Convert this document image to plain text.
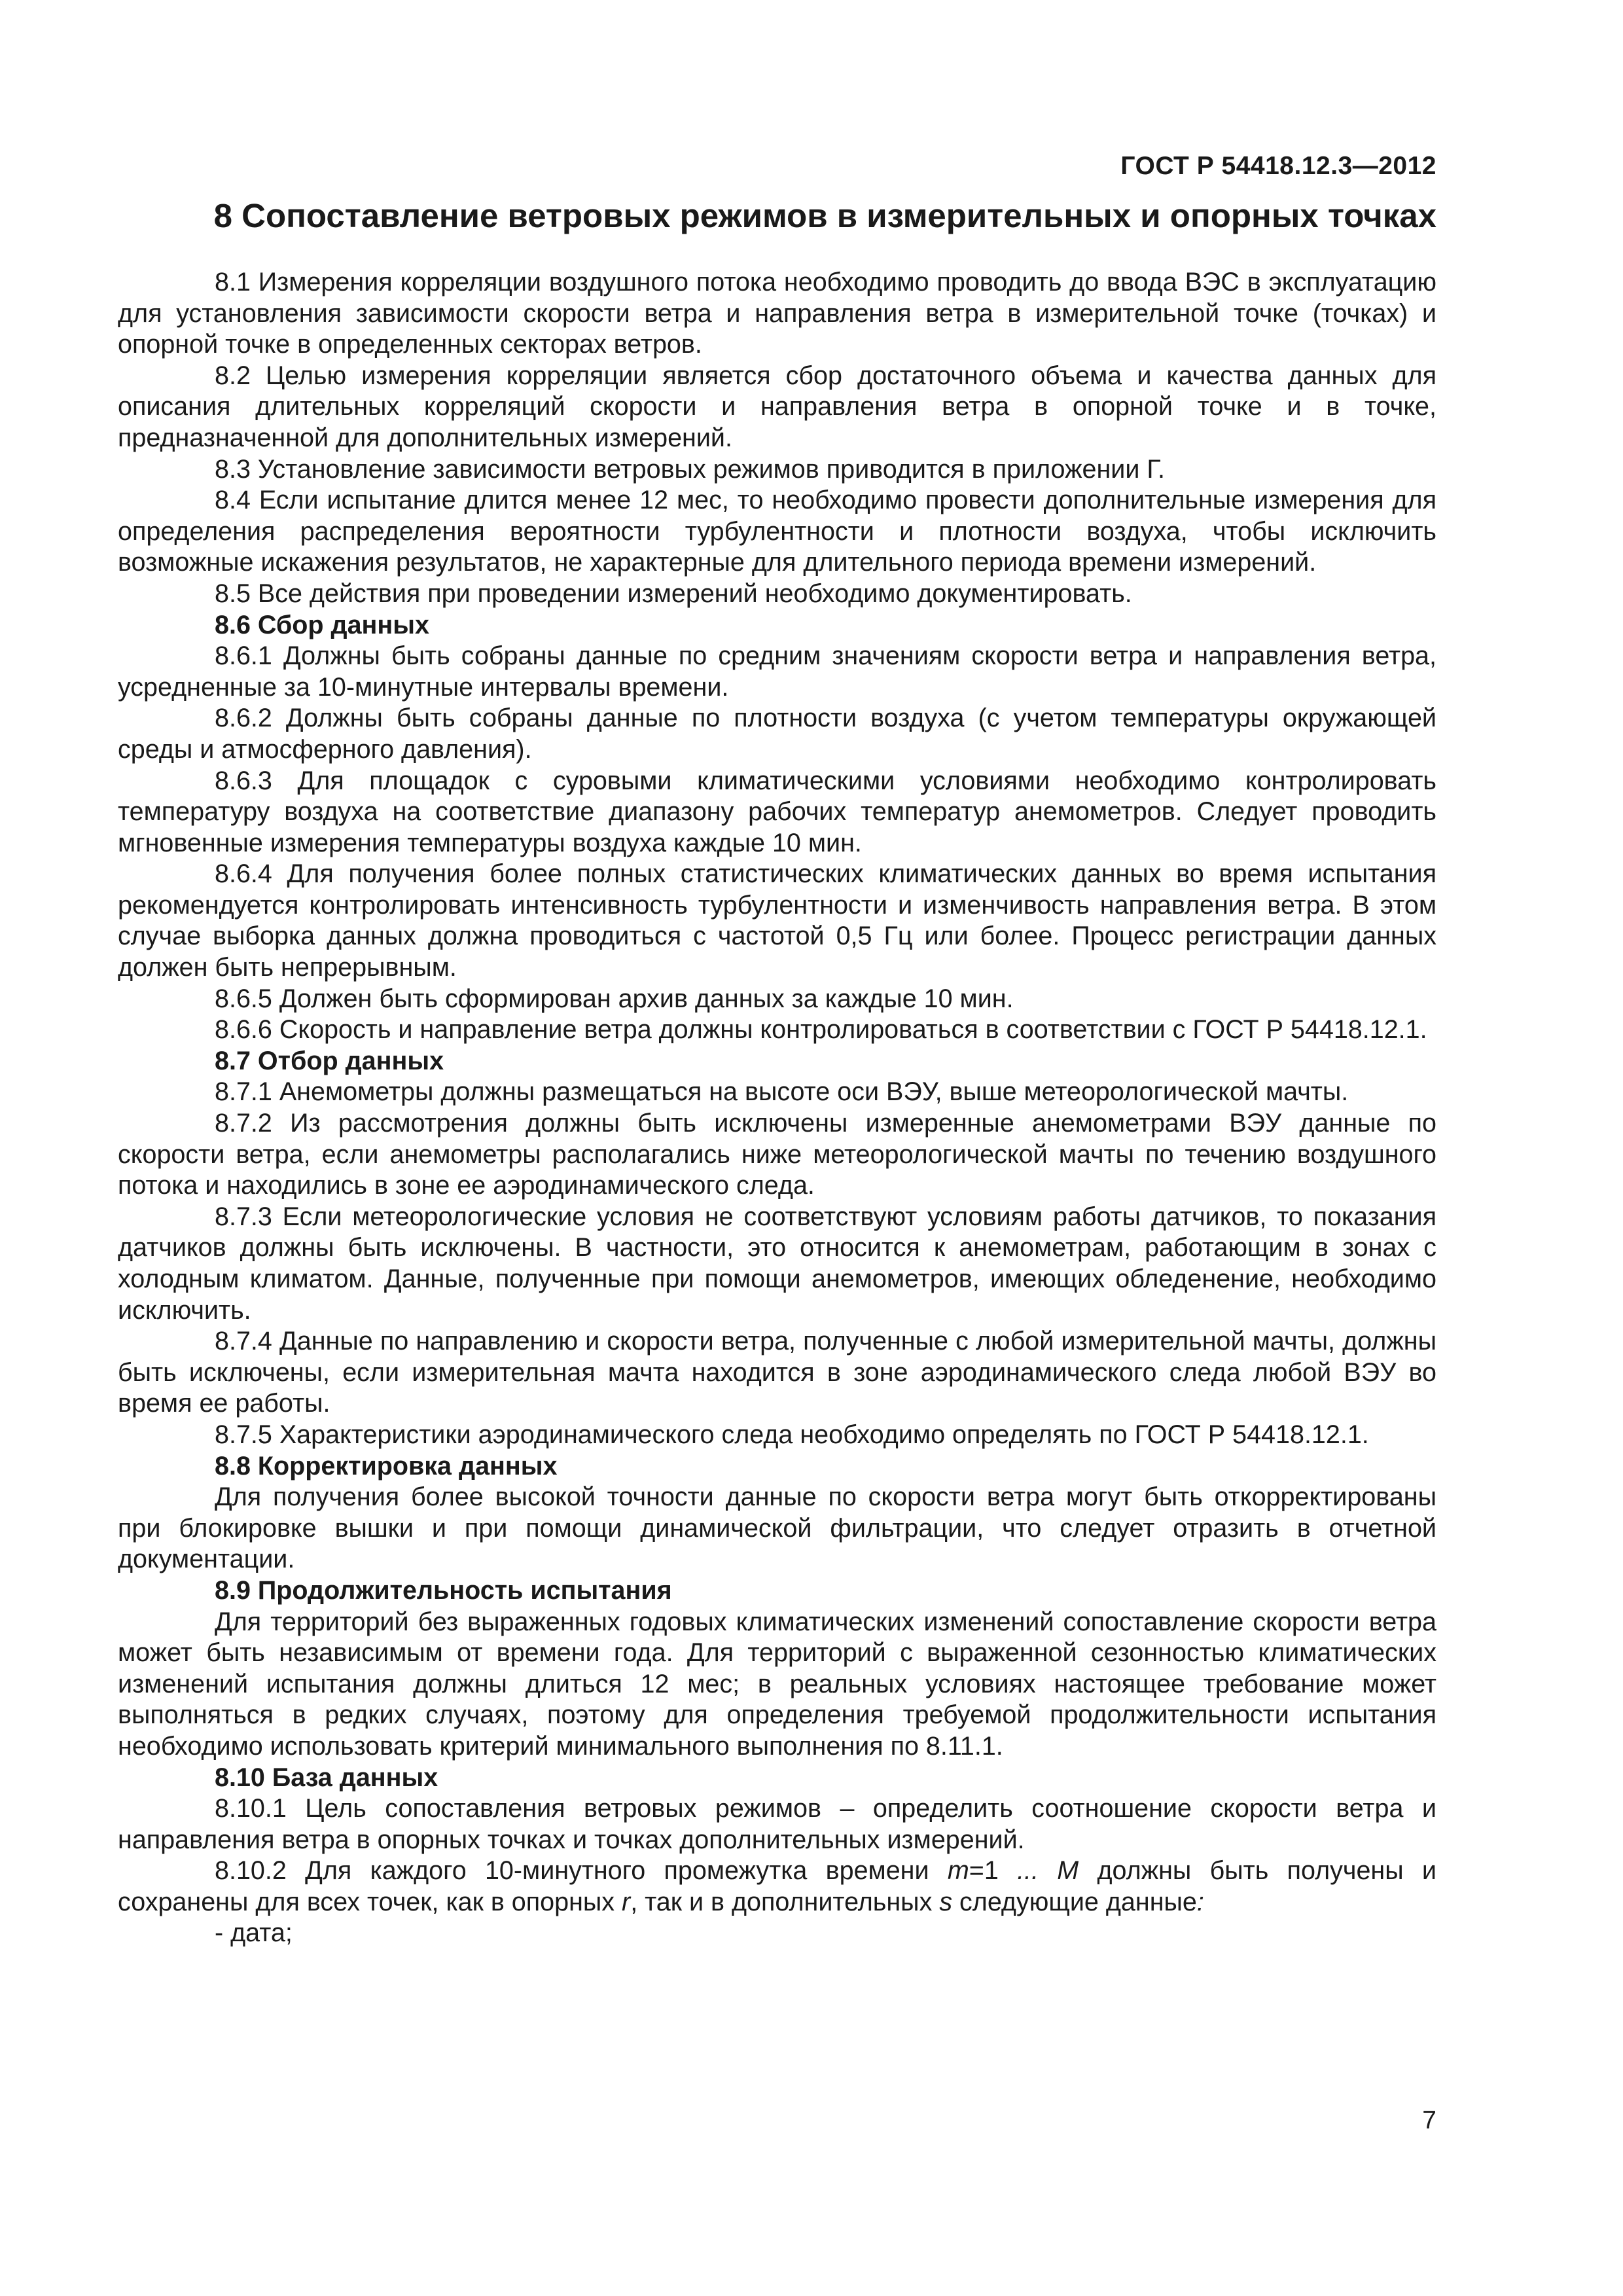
ГОСТ Р 54418.12.3—2012
8 Сопоставление ветровых режимов в измерительных и опорных точках

8.1 Измерения корреляции воздушного потока необходимо проводить до ввода ВЭС в эксплуатацию для установления зависимости скорости ветра и направления ветра в измерительной точке (точках) и опорной точке в определенных секторах ветров.

8.2 Целью измерения корреляции является сбор достаточного объема и качества данных для описания длительных корреляций скорости и направления ветра в опорной точке и в точке, предназначенной для дополнительных измерений.

8.3 Установление зависимости ветровых режимов приводится в приложении Г.

8.4 Если испытание длится менее 12 мес, то необходимо провести дополнительные измерения для определения распределения вероятности турбулентности и плотности воздуха, чтобы исключить возможные искажения результатов, не характерные для длительного периода времени измерений.

8.5 Все действия при проведении измерений необходимо документировать.

8.6 Сбор данных

8.6.1 Должны быть собраны данные по средним значениям скорости ветра и направления ветра, усредненные за 10-минутные интервалы времени.

8.6.2 Должны быть собраны данные по плотности воздуха (с учетом температуры окружающей среды и атмосферного давления).

8.6.3 Для площадок с суровыми климатическими условиями необходимо контролировать температуру воздуха на соответствие диапазону рабочих температур анемометров. Следует проводить мгновенные измерения температуры воздуха каждые 10 мин.

8.6.4 Для получения более полных статистических климатических данных во время испытания рекомендуется контролировать интенсивность турбулентности и изменчивость направления ветра. В этом случае выборка данных должна проводиться с частотой 0,5 Гц или более. Процесс регистрации данных должен быть непрерывным.

8.6.5 Должен быть сформирован архив данных за каждые 10 мин.

8.6.6 Скорость и направление ветра должны контролироваться в соответствии с ГОСТ Р 54418.12.1.

8.7 Отбор данных

8.7.1 Анемометры должны размещаться на высоте оси ВЭУ, выше метеорологической мачты.

8.7.2 Из рассмотрения должны быть исключены измеренные анемометрами ВЭУ данные по скорости ветра, если анемометры располагались ниже метеорологической мачты по течению воздушного потока и находились в зоне ее аэродинамического следа.

8.7.3 Если метеорологические условия не соответствуют условиям работы датчиков, то показания датчиков должны быть исключены. В частности, это относится к анемометрам, работающим в зонах с холодным климатом. Данные, полученные при помощи анемометров, имеющих обледенение, необходимо исключить.

8.7.4 Данные по направлению и скорости ветра, полученные с любой измерительной мачты, должны быть исключены, если измерительная мачта находится в зоне аэродинамического следа любой ВЭУ во время ее работы.

8.7.5 Характеристики аэродинамического следа необходимо определять по ГОСТ Р 54418.12.1.

8.8 Корректировка данных

Для получения более высокой точности данные по скорости ветра могут быть откорректированы при блокировке вышки и при помощи динамической фильтрации, что следует отразить в отчетной документации.

8.9 Продолжительность испытания

Для территорий без выраженных годовых климатических изменений сопоставление скорости ветра может быть независимым от времени года. Для территорий с выраженной сезонностью климатических изменений испытания должны длиться 12 мес; в реальных условиях настоящее требование может выполняться в редких случаях, поэтому для определения требуемой продолжительности испытания необходимо использовать критерий минимального выполнения по 8.11.1.

8.10 База данных

8.10.1 Цель сопоставления ветровых режимов – определить соотношение скорости ветра и направления ветра в опорных точках и точках дополнительных измерений.

8.10.2 Для каждого 10-минутного промежутка времени m=1 ... M должны быть получены и сохранены для всех точек, как в опорных r, так и в дополнительных s следующие данные:

- дата;

7
